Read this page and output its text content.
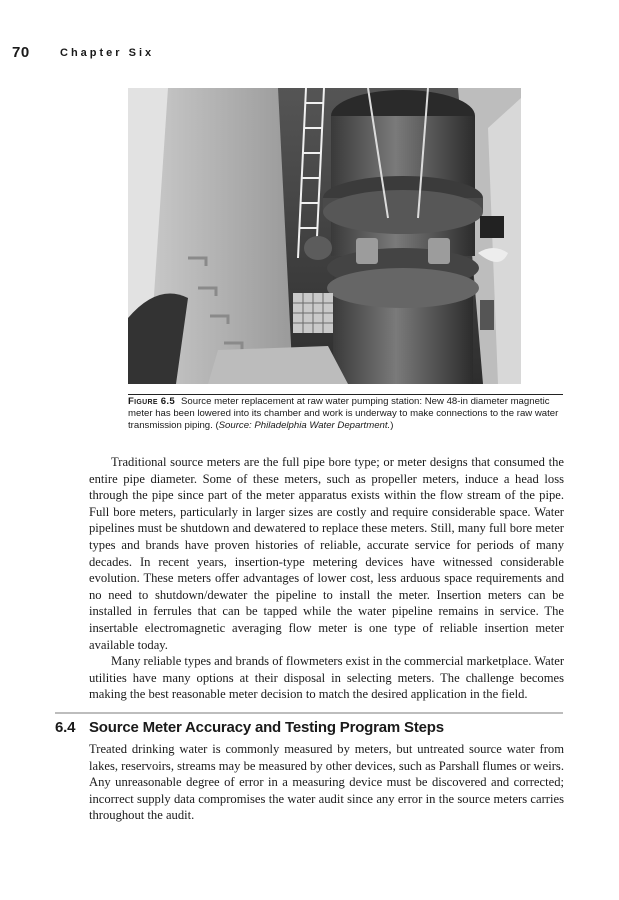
70	Chapter Six
Figure 6.5 Source meter replacement at raw water pumping station: New 48-in diameter magnetic meter has been lowered into its chamber and work is underway to make connections to the raw water transmission piping. (Source: Philadelphia Water Department.)

Traditional source meters are the full pipe bore type; or meter designs that consumed the entire pipe diameter. Some of these meters, such as propeller meters, induce a head loss through the pipe since part of the meter apparatus exists within the flow stream of the pipe. Full bore meters, particularly in larger sizes are costly and require considerable space. Water pipelines must be shutdown and dewatered to replace these meters. Still, many full bore meter types and brands have proven histories of reliable, accurate service for periods of many decades. In recent years, insertion-type metering devices have witnessed considerable evolution. These meters offer advantages of lower cost, less arduous space requirements and no need to shutdown/dewater the pipeline to install the meter. Insertion meters can be installed in ferrules that can be tapped while the water pipeline remains in service. The insertable electromagnetic averaging flow meter is one type of reliable insertion meter available today.

Many reliable types and brands of flowmeters exist in the commercial marketplace. Water utilities have many options at their disposal in selecting meters. The challenge becomes making the best reasonable meter decision to match the desired application in the field.

6.4 Source Meter Accuracy and Testing Program Steps

Treated drinking water is commonly measured by meters, but untreated source water from lakes, reservoirs, streams may be measured by other devices, such as Parshall flumes or weirs. Any unreasonable degree of error in a measuring device must be discovered and corrected; incorrect supply data compromises the water audit since any error in the source meters carries throughout the audit.
